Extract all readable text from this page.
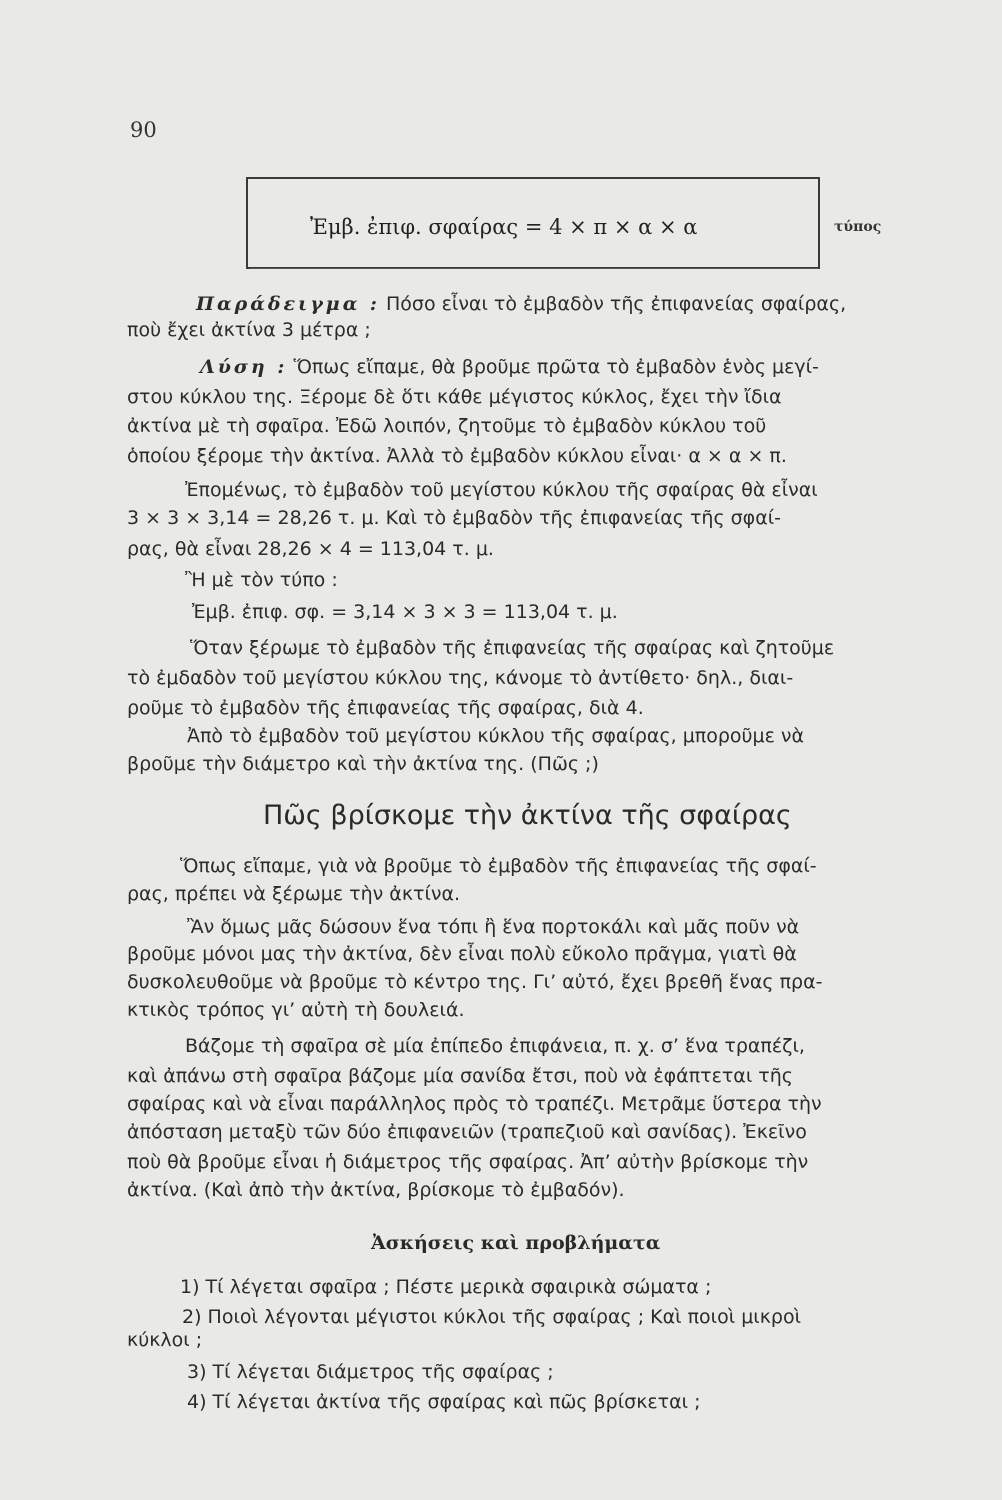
90
Ἐμβ. ἐπιφ. σφαίρας = 4 × π × α × α	τύπος
Παράδειγμα : Πόσο εἶναι τὸ ἐμβαδὸν τῆς ἐπιφανείας σφαίρας,
ποὺ ἔχει ἀκτίνα 3 μέτρα ;
Λύση : Ὅπως εἴπαμε, θὰ βροῦμε πρῶτα τὸ ἐμβαδὸν ἑνὸς μεγί-
στου κύκλου της. Ξέρομε δὲ ὅτι κάθε μέγιστος κύκλος, ἔχει τὴν ἴδια
ἀκτίνα μὲ τὴ σφαῖρα. Ἐδῶ λοιπόν, ζητοῦμε τὸ ἐμβαδὸν κύκλου τοῦ
ὁποίου ξέρομε τὴν ἀκτίνα. Ἀλλὰ τὸ ἐμβαδὸν κύκλου εἶναι· α × α × π.
Ἐπομένως, τὸ ἐμβαδὸν τοῦ μεγίστου κύκλου τῆς σφαίρας θὰ εἶναι
3 × 3 × 3,14 = 28,26 τ. μ. Καὶ τὸ ἐμβαδὸν τῆς ἐπιφανείας τῆς σφαί-
ρας, θὰ εἶναι 28,26 × 4 = 113,04 τ. μ.
Ἢ μὲ τὸν τύπο :
Ἐμβ. ἐπιφ. σφ. = 3,14 × 3 × 3 = 113,04 τ. μ.
Ὅταν ξέρωμε τὸ ἐμβαδὸν τῆς ἐπιφανείας τῆς σφαίρας καὶ ζητοῦμε
τὸ ἐμδαδὸν τοῦ μεγίστου κύκλου της, κάνομε τὸ ἀντίθετο· δηλ., διαι-
ροῦμε τὸ ἐμβαδὸν τῆς ἐπιφανείας τῆς σφαίρας, διὰ 4.
Ἀπὸ τὸ ἐμβαδὸν τοῦ μεγίστου κύκλου τῆς σφαίρας, μποροῦμε νὰ
βροῦμε τὴν διάμετρο καὶ τὴν ἀκτίνα της. (Πῶς ;)
Πῶς βρίσκομε τὴν ἀκτίνα τῆς σφαίρας
Ὅπως εἴπαμε, γιὰ νὰ βροῦμε τὸ ἐμβαδὸν τῆς ἐπιφανείας τῆς σφαί-
ρας, πρέπει νὰ ξέρωμε τὴν ἀκτίνα.
Ἂν ὅμως μᾶς δώσουν ἕνα τόπι ἢ ἕνα πορτοκάλι καὶ μᾶς ποῦν νὰ
βροῦμε μόνοι μας τὴν ἀκτίνα, δὲν εἶναι πολὺ εὔκολο πρᾶγμα, γιατὶ θὰ
δυσκολευθοῦμε νὰ βροῦμε τὸ κέντρο της. Γι’ αὐτό, ἔχει βρεθῆ ἕνας πρα-
κτικὸς τρόπος γι’ αὐτὴ τὴ δουλειά.
Βάζομε τὴ σφαῖρα σὲ μία ἐπίπεδο ἐπιφάνεια, π. χ. σ’ ἕνα τραπέζι,
καὶ ἀπάνω στὴ σφαῖρα βάζομε μία σανίδα ἔτσι, ποὺ νὰ ἐφάπτεται τῆς
σφαίρας καὶ νὰ εἶναι παράλληλος πρὸς τὸ τραπέζι. Μετρᾶμε ὕστερα τὴν
ἀπόσταση μεταξὺ τῶν δύο ἐπιφανειῶν (τραπεζιοῦ καὶ σανίδας). Ἐκεῖνο
ποὺ θὰ βροῦμε εἶναι ἡ διάμετρος τῆς σφαίρας. Ἀπ’ αὐτὴν βρίσκομε τὴν
ἀκτίνα. (Καὶ ἀπὸ τὴν ἀκτίνα, βρίσκομε τὸ ἐμβαδόν).
Ἀσκήσεις καὶ προβλήματα
1) Τί λέγεται σφαῖρα ; Πέστε μερικὰ σφαιρικὰ σώματα ;
2) Ποιοὶ λέγονται μέγιστοι κύκλοι τῆς σφαίρας ; Καὶ ποιοὶ μικροὶ
κύκλοι ;
3) Τί λέγεται διάμετρος τῆς σφαίρας ;
4) Τί λέγεται ἀκτίνα τῆς σφαίρας καὶ πῶς βρίσκεται ;
